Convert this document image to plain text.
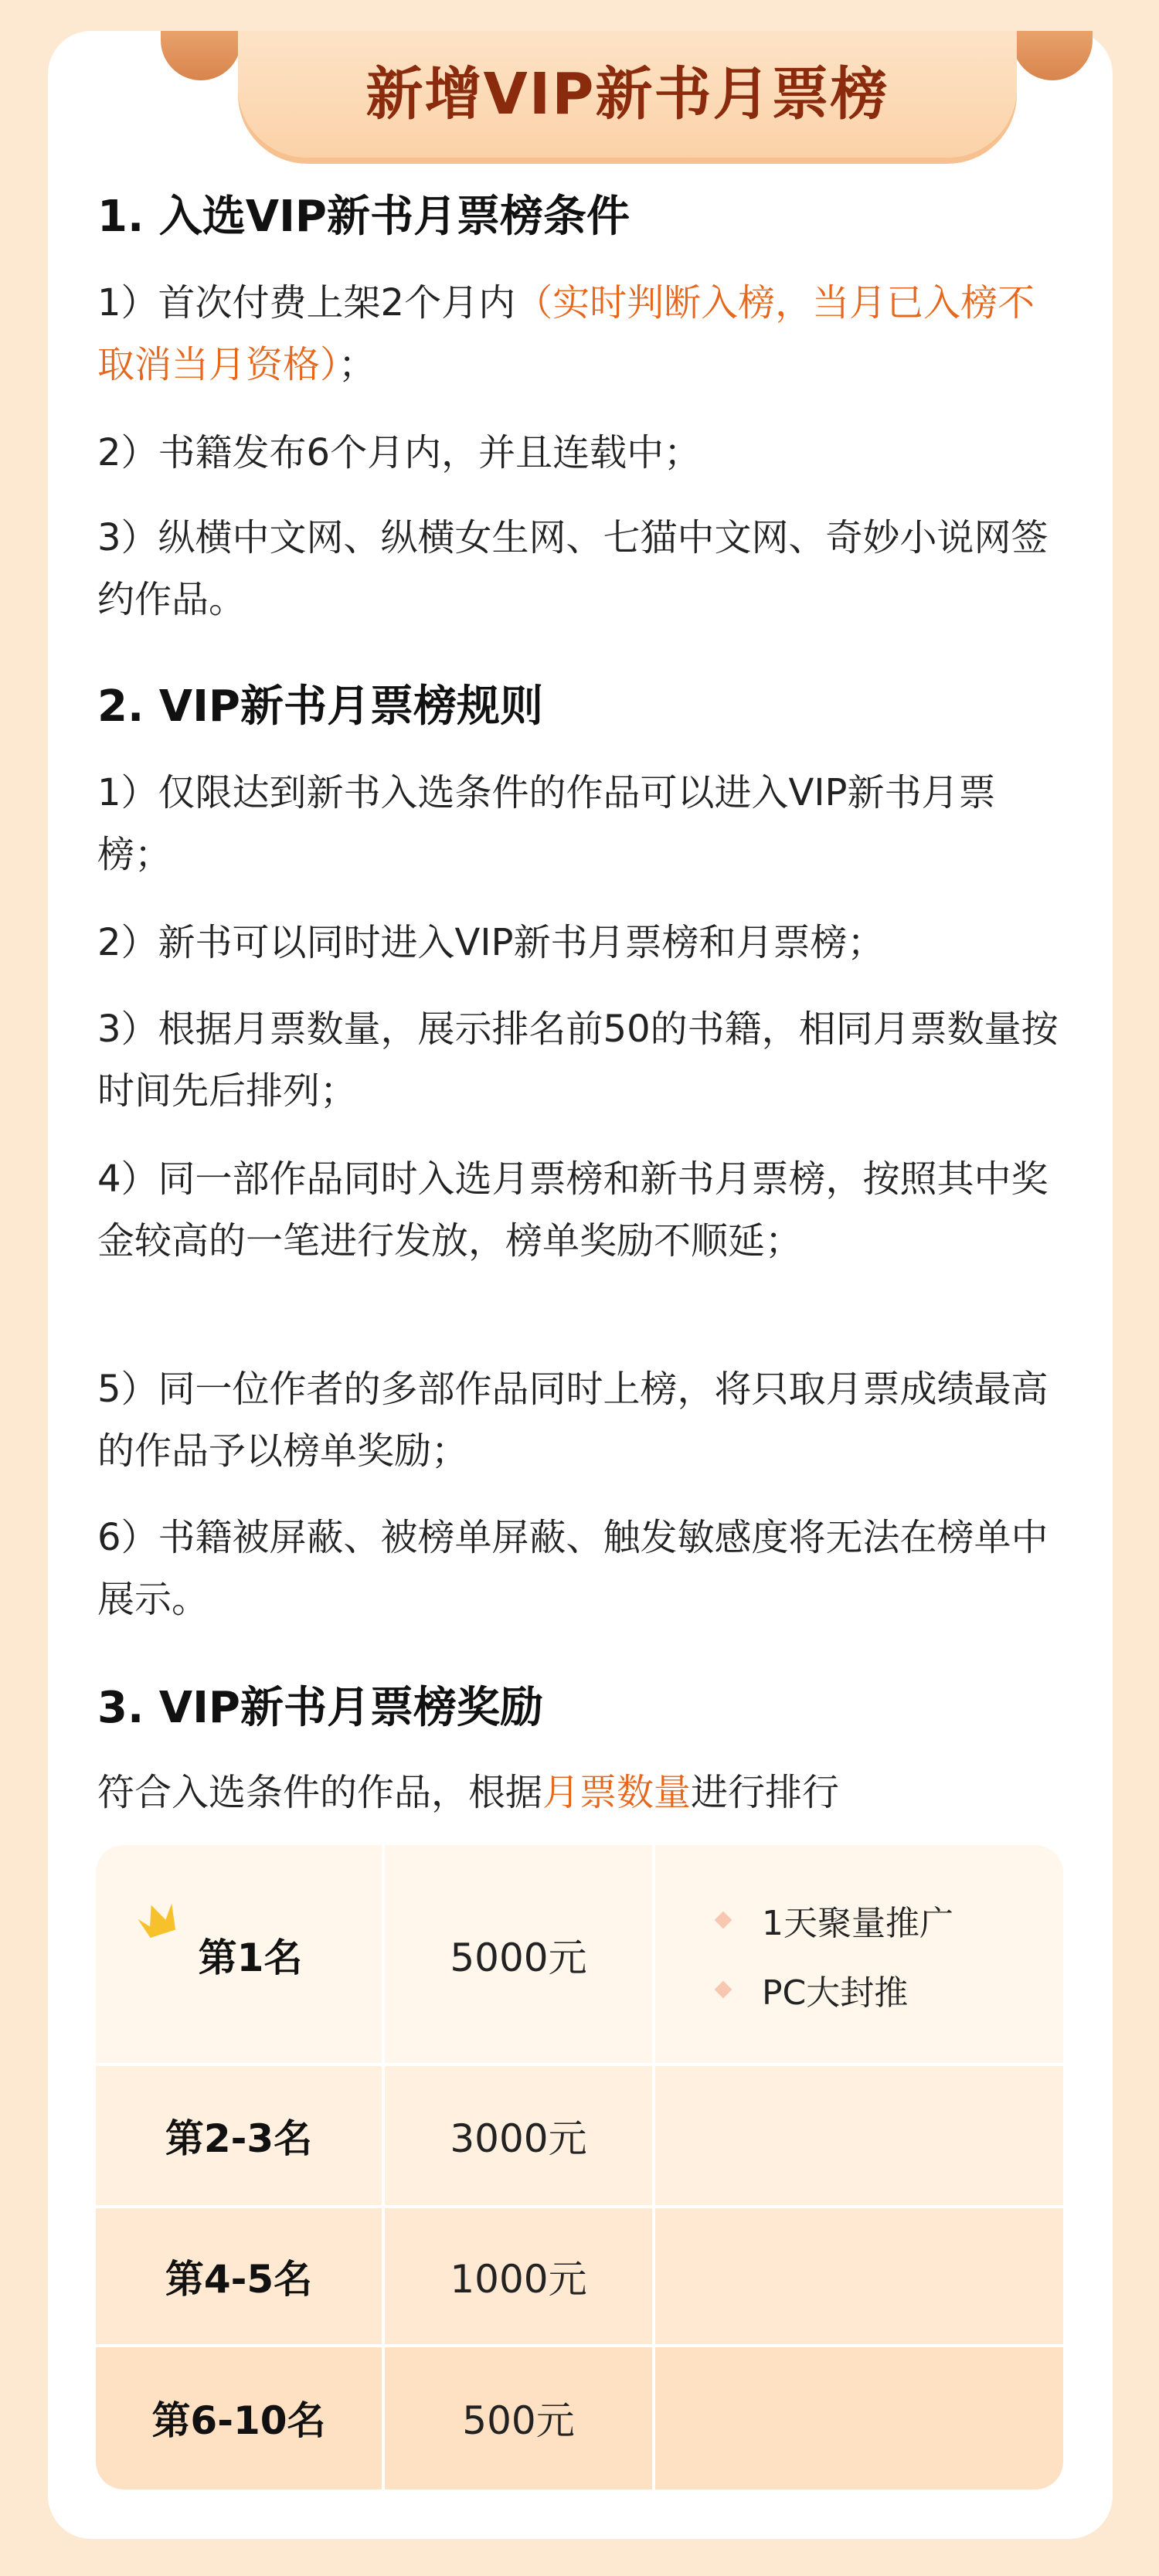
新增VIP新书月票榜
1. 入选VIP新书月票榜条件
1）首次付费上架2个月内（实时判断入榜，当月已入榜不取消当月资格）；
2）书籍发布6个月内，并且连载中；
3）纵横中文网、纵横女生网、七猫中文网、奇妙小说网签约作品。
2. VIP新书月票榜规则
1）仅限达到新书入选条件的作品可以进入VIP新书月票榜；
2）新书可以同时进入VIP新书月票榜和月票榜；
3）根据月票数量，展示排名前50的书籍，相同月票数量按时间先后排列；
4）同一部作品同时入选月票榜和新书月票榜，按照其中奖金较高的一笔进行发放，榜单奖励不顺延；
5）同一位作者的多部作品同时上榜，将只取月票成绩最高的作品予以榜单奖励；
6）书籍被屏蔽、被榜单屏蔽、触发敏感度将无法在榜单中展示。
3. VIP新书月票榜奖励
符合入选条件的作品，根据月票数量进行排行
第1名	5000元
1天聚量推广
PC大封推
第2-3名	3000元
第4-5名	1000元
第6-10名	500元
